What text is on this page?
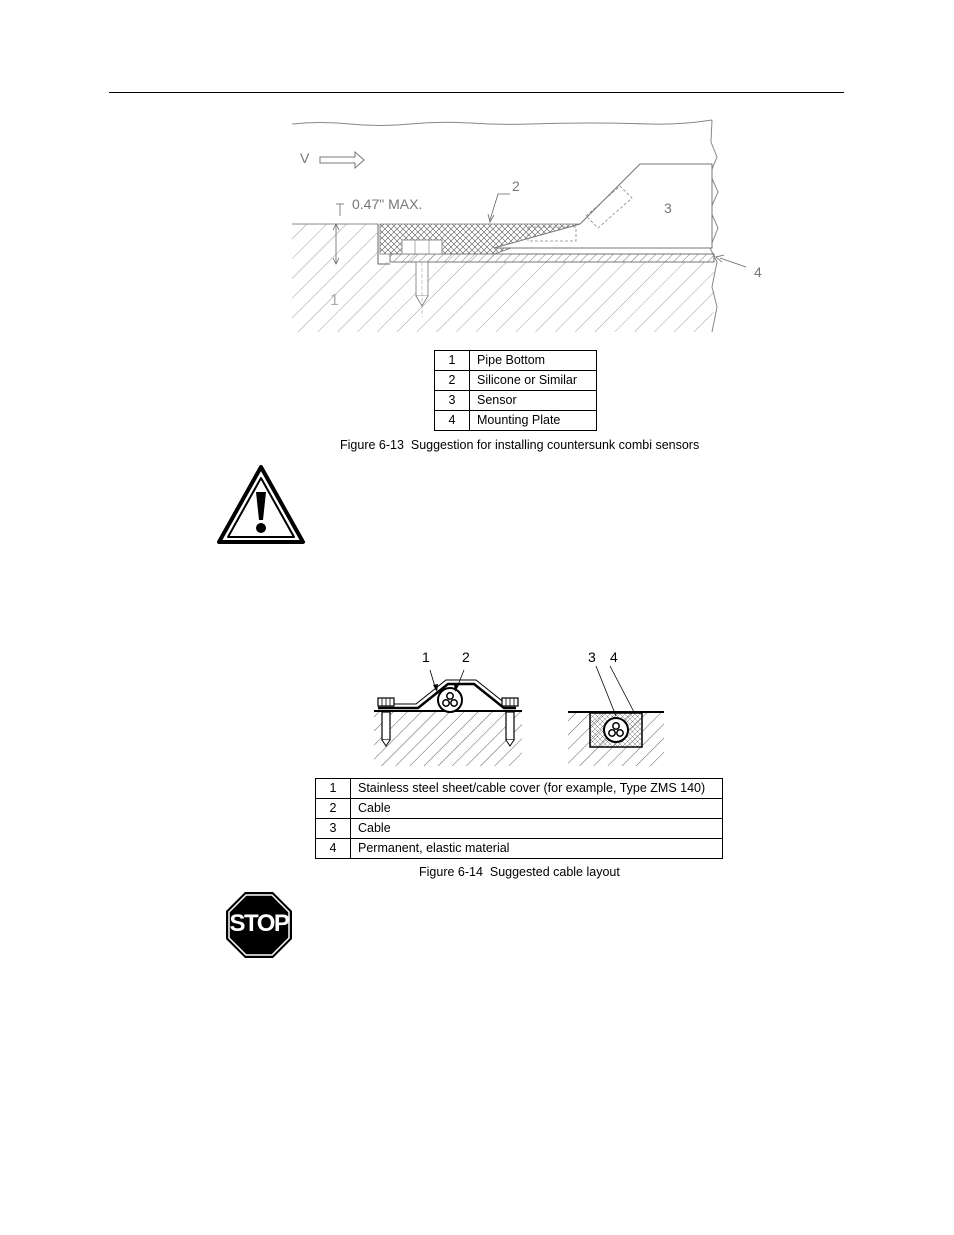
V
0.47" MAX.
2
3
4
1
1	Pipe Bottom
2	Silicone or Similar
3	Sensor
4	Mounting Plate
Figure 6-13  Suggestion for installing countersunk combi sensors
1 2	3 4
1	Stainless steel sheet/cable cover (for example, Type ZMS 140)
2	Cable
3	Cable
4	Permanent, elastic material
Figure 6-14  Suggested cable layout
STOP
